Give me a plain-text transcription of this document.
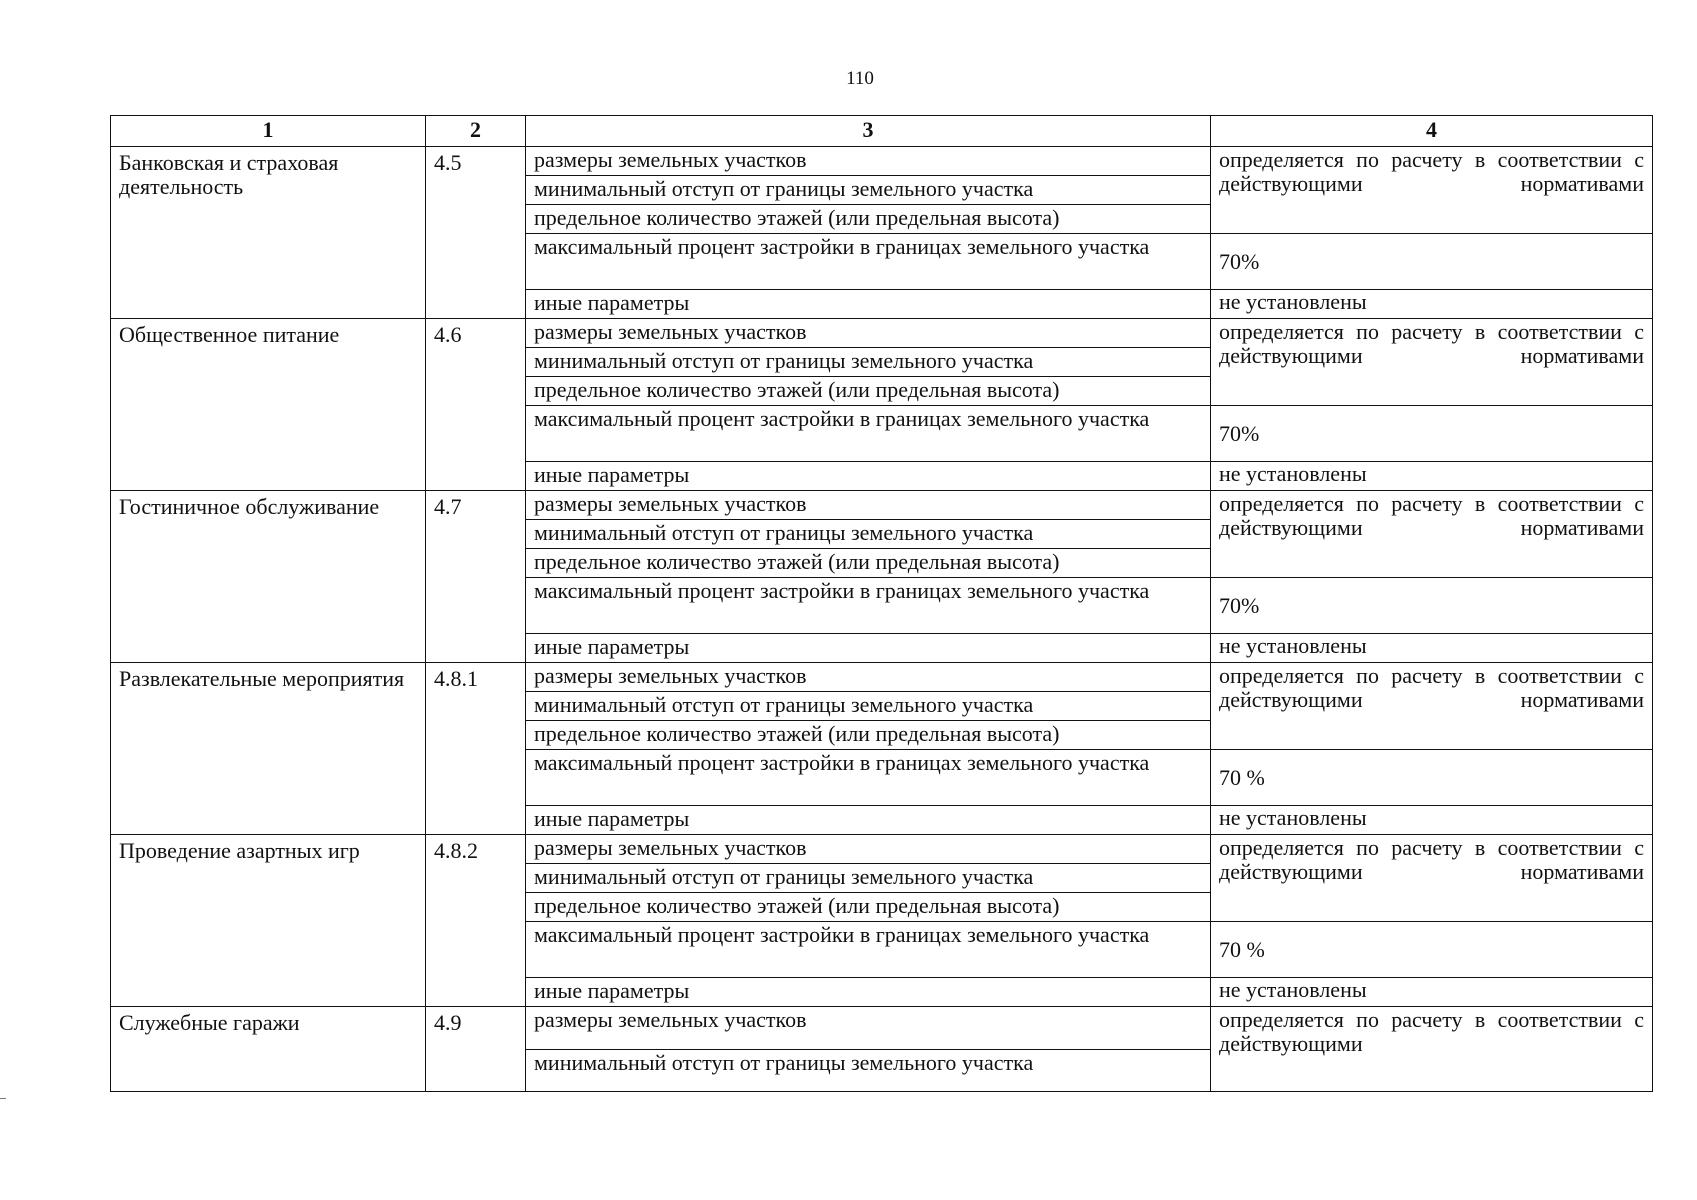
110
1	2	3	4
Банковская и страховая деятельность	4.5	размеры земельных участков	определяется по расчету в соответствии с действующими нормативами

		минимальный отступ от границы земельного участка	
		предельное количество этажей (или предельная высота)	
		максимальный процент застройки в границах земельного участка	70%
		иные параметры	не установлены
Общественное питание	4.6	размеры земельных участков	определяется по расчету в соответствии с действующими нормативами

		минимальный отступ от границы земельного участка	
		предельное количество этажей (или предельная высота)	
		максимальный процент застройки в границах земельного участка	70%
		иные параметры	не установлены
Гостиничное обслуживание	4.7	размеры земельных участков	определяется по расчету в соответствии с действующими нормативами

		минимальный отступ от границы земельного участка	
		предельное количество этажей (или предельная высота)	
		максимальный процент застройки в границах земельного участка	70%
		иные параметры	не установлены
Развлекательные мероприятия	4.8.1	размеры земельных участков	определяется по расчету в соответствии с действующими нормативами

		минимальный отступ от границы земельного участка	
		предельное количество этажей (или предельная высота)	
		максимальный процент застройки в границах земельного участка	70 %
		иные параметры	не установлены
Проведение азартных игр	4.8.2	размеры земельных участков	определяется по расчету в соответствии с действующими нормативами

		минимальный отступ от границы земельного участка	
		предельное количество этажей (или предельная высота)	
		максимальный процент застройки в границах земельного участка	70 %
		иные параметры	не установлены
Служебные гаражи	4.9	размеры земельных участков	определяется по расчету в соответствии с действующими

		минимальный отступ от границы земельного участка	
